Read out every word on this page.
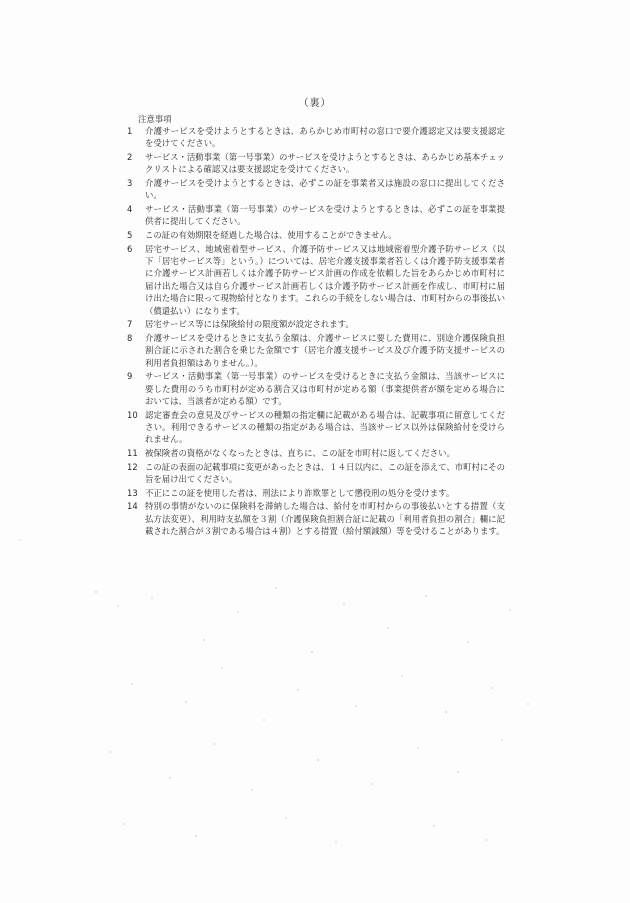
（裏）
注意事項
1	介護サービスを受けようとするときは、あらかじめ市町村の窓口で要介護認定又は要支援認定を受けてください。
2	サービス・活動事業（第一号事業）のサービスを受けようとするときは、あらかじめ基本チェックリストによる確認又は要支援認定を受けてください。
3	介護サービスを受けようとするときは、必ずこの証を事業者又は施設の窓口に提出してください。
4	サービス・活動事業（第一号事業）のサービスを受けようとするときは、必ずこの証を事業提供者に提出してください。
5	この証の有効期限を経過した場合は、使用することができません。
6	居宅サービス、地域密着型サービス、介護予防サービス又は地域密着型介護予防サービス（以下「居宅サービス等」という。）については、居宅介護支援事業者若しくは介護予防支援事業者に介護サービス計画若しくは介護予防サービス計画の作成を依頼した旨をあらかじめ市町村に届け出た場合又は自ら介護サービス計画若しくは介護予防サービス計画を作成し、市町村に届け出た場合に限って現物給付となります。これらの手続をしない場合は、市町村からの事後払い（償還払い）になります。
7	居宅サービス等には保険給付の限度額が設定されます。
8	介護サービスを受けるときに支払う金額は、介護サービスに要した費用に、別途介護保険負担割合証に示された割合を乗じた金額です（居宅介護支援サービス及び介護予防支援サービスの利用者負担額はありません。）。
9	サービス・活動事業（第一号事業）のサービスを受けるときに支払う金額は、当該サービスに要した費用のうち市町村が定める割合又は市町村が定める額（事業提供者が額を定める場合においては、当該者が定める額）です。
10 認定審査会の意見及びサービスの種類の指定欄に記載がある場合は、記載事項に留意してください。利用できるサービスの種類の指定がある場合は、当該サービス以外は保険給付を受けられません。
11 被保険者の資格がなくなったときは、直ちに、この証を市町村に返してください。
12 この証の表面の記載事項に変更があったときは、１４日以内に、この証を添えて、市町村にその旨を届け出てください。
13 不正にこの証を使用した者は、刑法により詐欺罪として懲役刑の処分を受けます。
14 特別の事情がないのに保険料を滞納した場合は、給付を市町村からの事後払いとする措置（支払方法変更）、利用時支払額を３割（介護保険負担割合証に記載の「利用者負担の割合」欄に記載された割合が３割である場合は４割）とする措置（給付額減額）等を受けることがあります。
